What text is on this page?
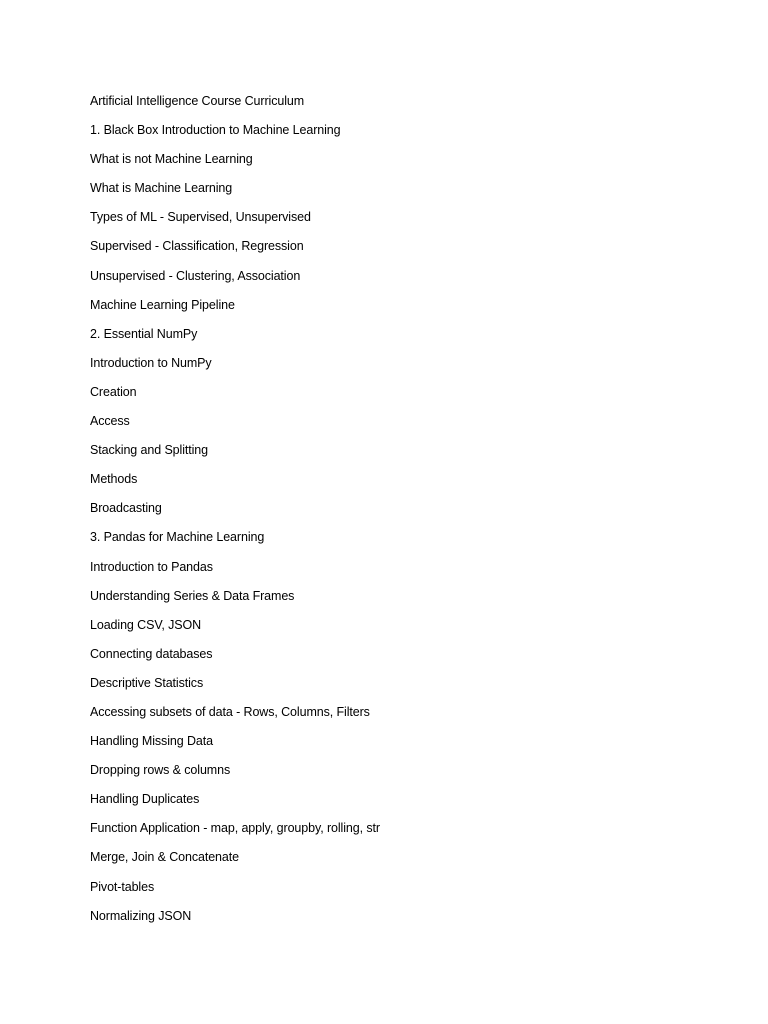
Artificial Intelligence Course Curriculum
1. Black Box Introduction to Machine Learning
What is not Machine Learning
What is Machine Learning
Types of ML - Supervised, Unsupervised
Supervised - Classification, Regression
Unsupervised - Clustering, Association
Machine Learning Pipeline
2. Essential NumPy
Introduction to NumPy
Creation
Access
Stacking and Splitting
Methods
Broadcasting
3. Pandas for Machine Learning
Introduction to Pandas
Understanding Series & Data Frames
Loading CSV, JSON
Connecting databases
Descriptive Statistics
Accessing subsets of data - Rows, Columns, Filters
Handling Missing Data
Dropping rows & columns
Handling Duplicates
Function Application - map, apply, groupby, rolling, str
Merge, Join & Concatenate
Pivot-tables
Normalizing JSON
